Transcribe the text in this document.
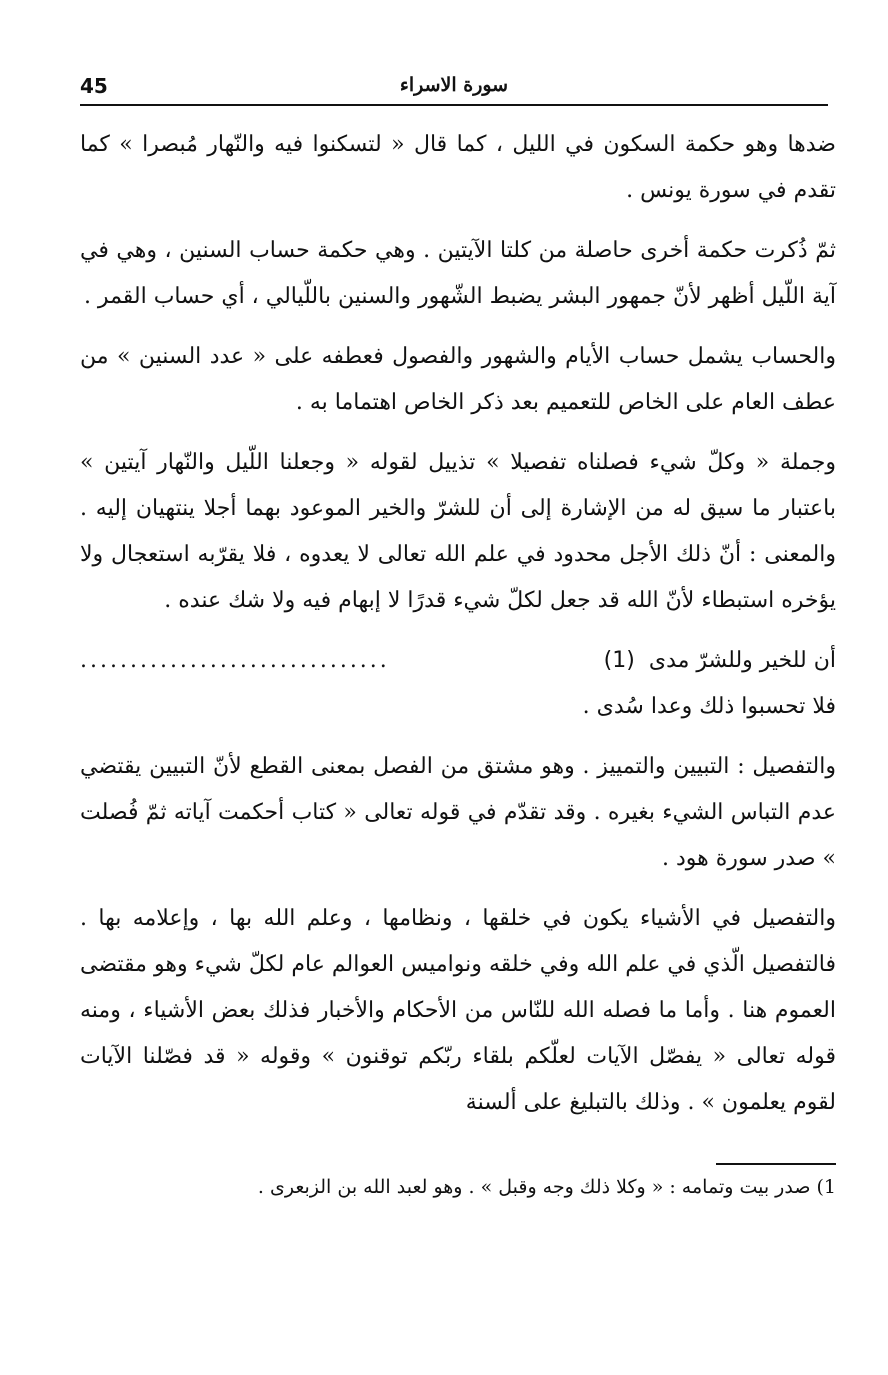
45	سورة الاسراء

ضدها وهو حكمة السكون في الليل ، كما قال « لتسكنوا فيه والنّهار مُبصرا » كما تقدم في سورة يونس .

ثمّ ذُكرت حكمة أخرى حاصلة من كلتا الآيتين . وهي حكمة حساب السنين ، وهي في آية اللّيل أظهر لأنّ جمهور البشر يضبط الشّهور والسنين باللّيالي ، أي حساب القمر .

والحساب يشمل حساب الأيام والشهور والفصول فعطفه على « عدد السنين » من عطف العام على الخاص للتعميم بعد ذكر الخاص اهتماما به .

وجملة « وكلّ شيء فصلناه تفصيلا » تذييل لقوله « وجعلنا اللّيل والنّهار آيتين » باعتبار ما سيق له من الإشارة إلى أن للشرّ والخير الموعود بهما أجلا ينتهيان إليه . والمعنى : أنّ ذلك الأجل محدود في علم الله تعالى لا يعدوه ، فلا يقرّبه استعجال ولا يؤخره استبطاء لأنّ الله قد جعل لكلّ شيء قدرًا لا إبهام فيه ولا شك عنده .

أن للخير وللشرّ مدى
(1)
...............................
فلا تحسبوا ذلك وعدا سُدى .

والتفصيل : التبيين والتمييز . وهو مشتق من الفصل بمعنى القطع لأنّ التبيين يقتضي عدم التباس الشيء بغيره . وقد تقدّم في قوله تعالى « كتاب أحكمت آياته ثمّ فُصلت » صدر سورة هود .

والتفصيل في الأشياء يكون في خلقها ، ونظامها ، وعلم الله بها ، وإعلامه بها . فالتفصيل الّذي في علم الله وفي خلقه ونواميس العوالم عام لكلّ شيء وهو مقتضى العموم هنا . وأما ما فصله الله للنّاس من الأحكام والأخبار فذلك بعض الأشياء ، ومنه قوله تعالى « يفصّل الآيات لعلّكم بلقاء ربّكم توقنون » وقوله « قد فصّلنا الآيات لقوم يعلمون » . وذلك بالتبليغ على ألسنة

1) صدر بيت وتمامه : « وكلا ذلك وجه وقبل » . وهو لعبد الله بن الزبعرى .
